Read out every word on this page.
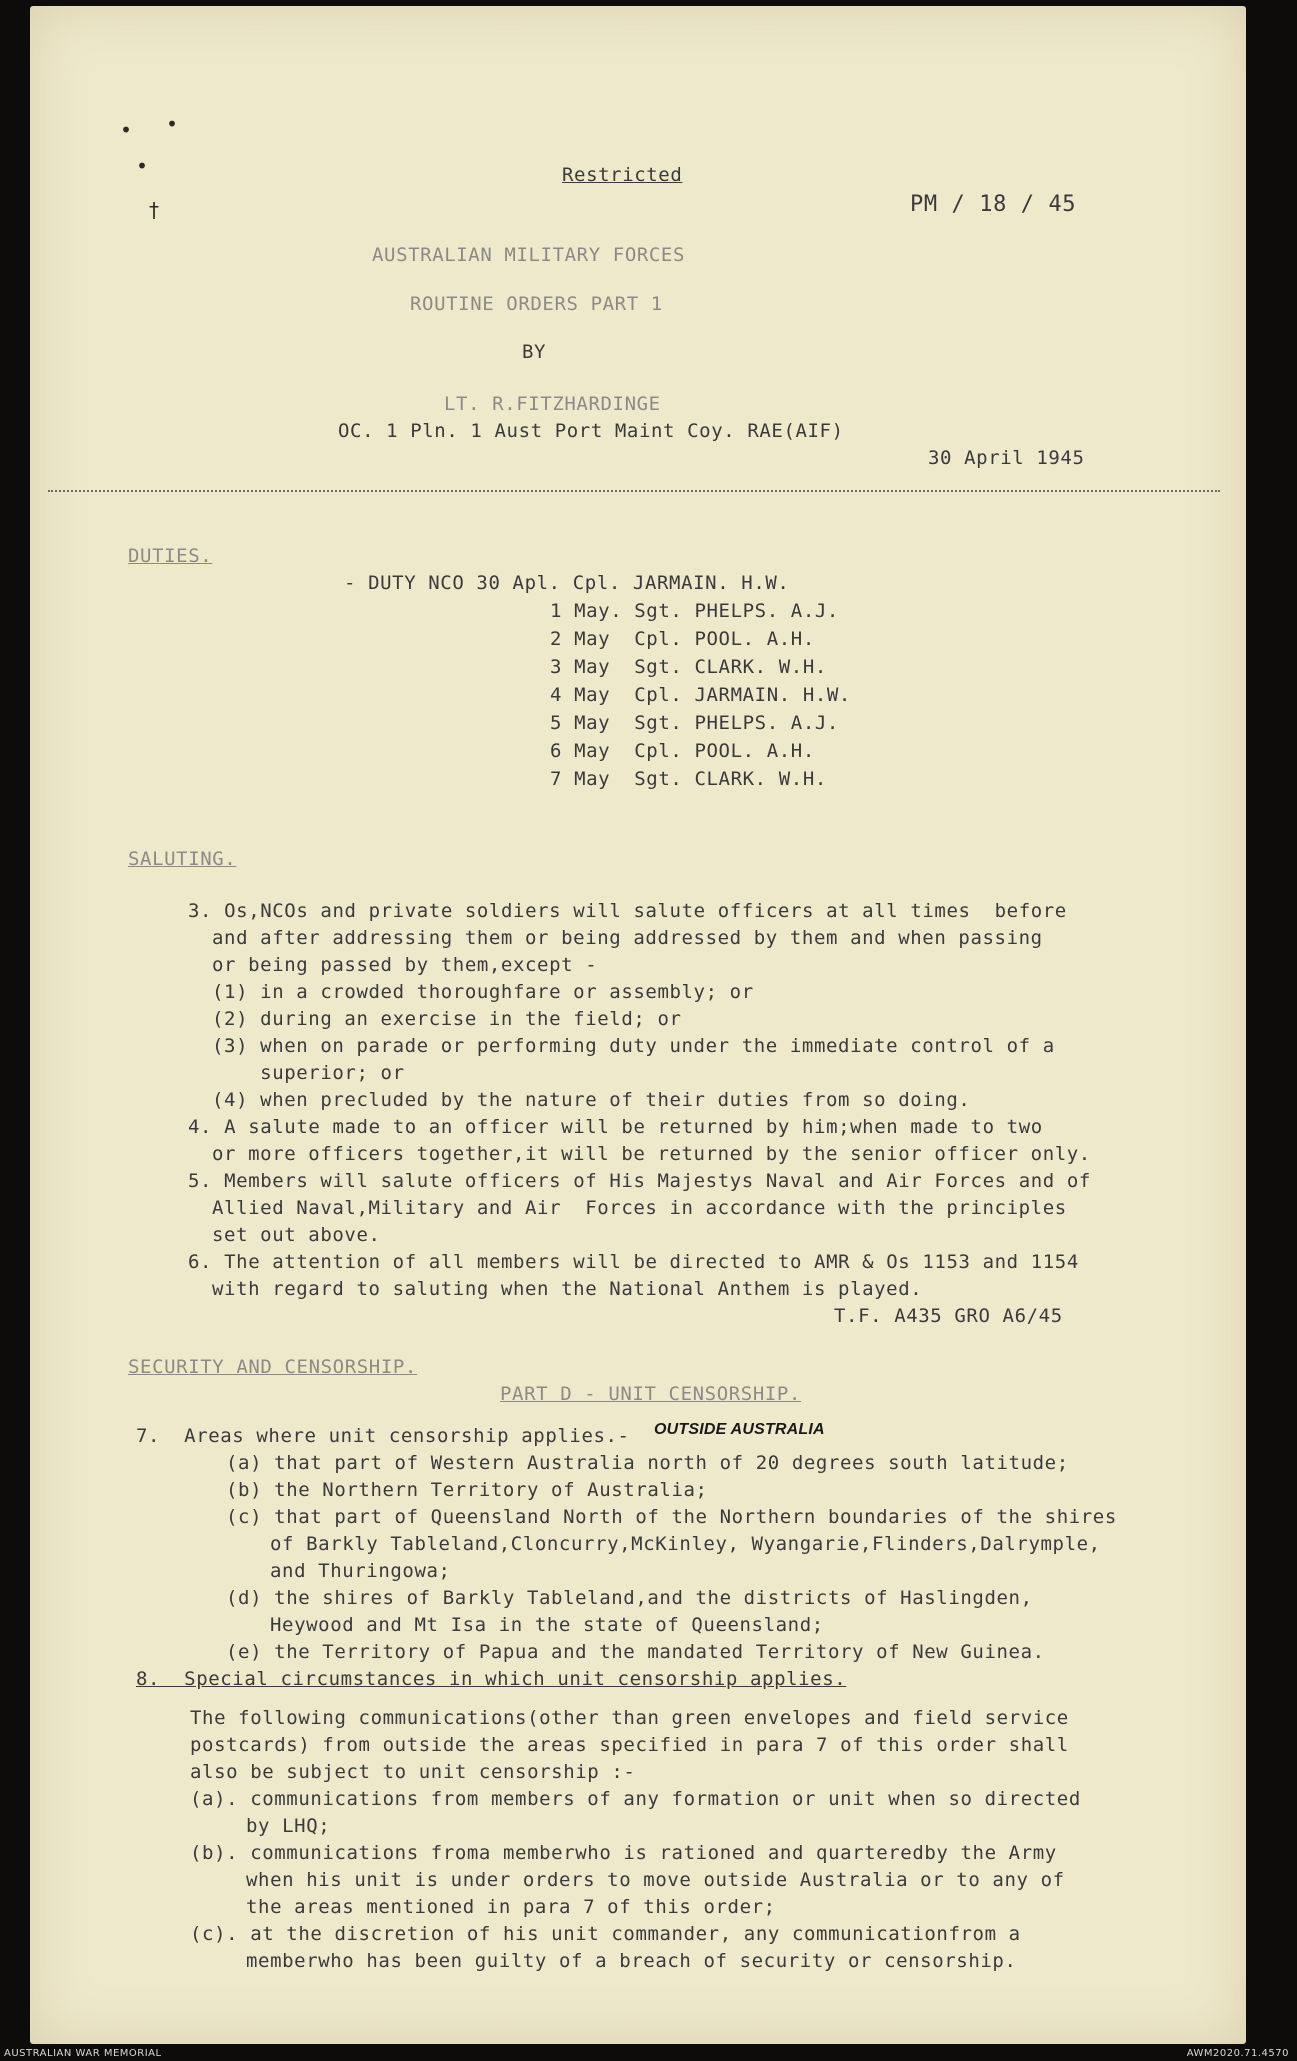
• •
•
†
Restricted
PM / 18 / 45
AUSTRALIAN MILITARY FORCES
ROUTINE ORDERS PART 1
BY
LT. R.FITZHARDINGE
OC. 1 Pln. 1 Aust Port Maint Coy. RAE(AIF)
30 April 1945
DUTIES.
- DUTY NCO 30 Apl. Cpl. JARMAIN. H.W.
1 May. Sgt. PHELPS. A.J.
2 May  Cpl. POOL. A.H.
3 May  Sgt. CLARK. W.H.
4 May  Cpl. JARMAIN. H.W.
5 May  Sgt. PHELPS. A.J.
6 May  Cpl. POOL. A.H.
7 May  Sgt. CLARK. W.H.
SALUTING.
3. Os,NCOs and private soldiers will salute officers at all times  before
and after addressing them or being addressed by them and when passing
or being passed by them,except -
(1) in a crowded thoroughfare or assembly; or
(2) during an exercise in the field; or
(3) when on parade or performing duty under the immediate control of a
superior; or
(4) when precluded by the nature of their duties from so doing.
4. A salute made to an officer will be returned by him;when made to two
or more officers together,it will be returned by the senior officer only.
5. Members will salute officers of His Majestys Naval and Air Forces and of
Allied Naval,Military and Air  Forces in accordance with the principles
set out above.
6. The attention of all members will be directed to AMR & Os 1153 and 1154
with regard to saluting when the National Anthem is played.
T.F. A435 GRO A6/45
SECURITY AND CENSORSHIP.
PART D - UNIT CENSORSHIP.
7.  Areas where unit censorship applies.- OUTSIDE AUSTRALIA
(a) that part of Western Australia north of 20 degrees south latitude;
(b) the Northern Territory of Australia;
(c) that part of Queensland North of the Northern boundaries of the shires
of Barkly Tableland,Cloncurry,McKinley, Wyangarie,Flinders,Dalrymple,
and Thuringowa;
(d) the shires of Barkly Tableland,and the districts of Haslingden,
Heywood and Mt Isa in the state of Queensland;
(e) the Territory of Papua and the mandated Territory of New Guinea.
8.  Special circumstances in which unit censorship applies.
The following communications(other than green envelopes and field service
postcards) from outside the areas specified in para 7 of this order shall
also be subject to unit censorship :-
(a). communications from members of any formation or unit when so directed
by LHQ;
(b). communications froma memberwho is rationed and quarteredby the Army
when his unit is under orders to move outside Australia or to any of
the areas mentioned in para 7 of this order;
(c). at the discretion of his unit commander, any communicationfrom a
memberwho has been guilty of a breach of security or censorship.
AUSTRALIAN WAR MEMORIAL	AWM2020.71.4570
